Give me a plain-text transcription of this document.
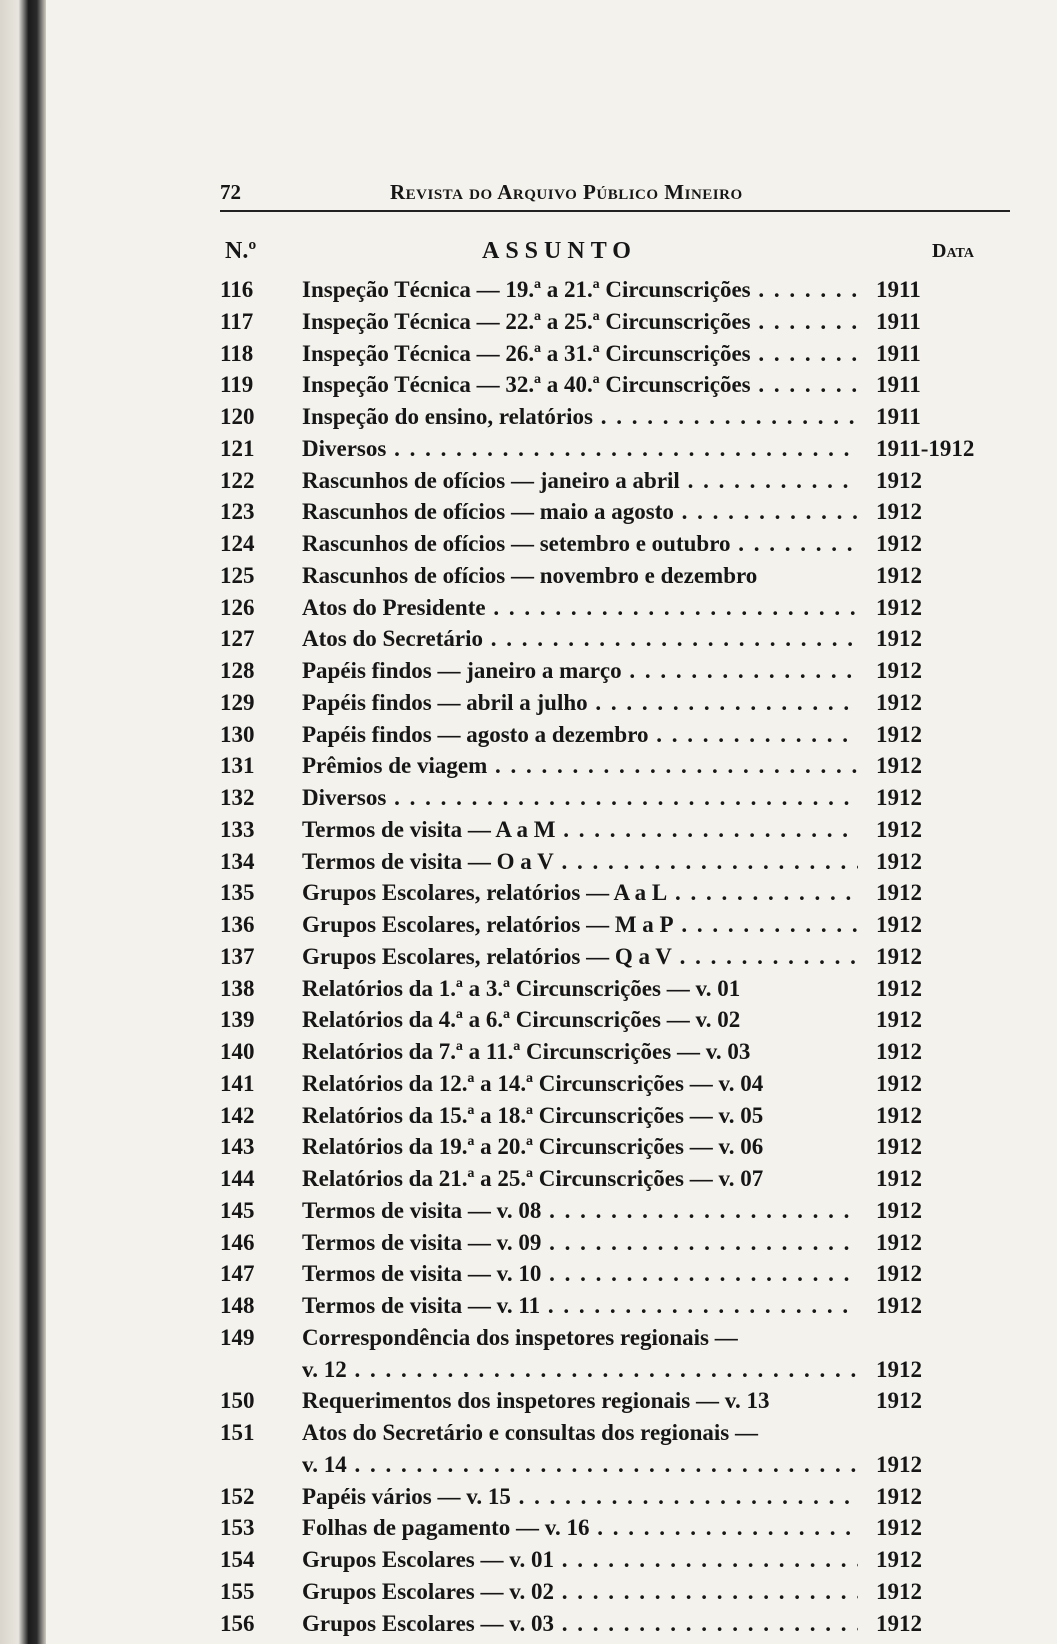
72	Revista do Arquivo Público Mineiro
N.º	ASSUNTO	Data
116	Inspeção Técnica — 19.ª a 21.ª Circunscrições . . .	1911
117	Inspeção Técnica — 22.ª a 25.ª Circunscrições . . .	1911
118	Inspeção Técnica — 26.ª a 31.ª Circunscrições . . .	1911
119	Inspeção Técnica — 32.ª a 40.ª Circunscrições . . .	1911
120	Inspeção do ensino, relatórios . . .	1911
121	Diversos . . .	1911-1912
122	Rascunhos de ofícios — janeiro a abril . . .	1912
123	Rascunhos de ofícios — maio a agosto . . .	1912
124	Rascunhos de ofícios — setembro e outubro . . .	1912
125	Rascunhos de ofícios — novembro e dezembro	1912
126	Atos do Presidente . . .	1912
127	Atos do Secretário . . .	1912
128	Papéis findos — janeiro a março . . .	1912
129	Papéis findos — abril a julho . . .	1912
130	Papéis findos — agosto a dezembro . . .	1912
131	Prêmios de viagem . . .	1912
132	Diversos . . .	1912
133	Termos de visita — A a M . . .	1912
134	Termos de visita — O a V . . .	1912
135	Grupos Escolares, relatórios — A a L . . .	1912
136	Grupos Escolares, relatórios — M a P . . .	1912
137	Grupos Escolares, relatórios — Q a V . . .	1912
138	Relatórios da 1.ª a 3.ª Circunscrições — v. 01	1912
139	Relatórios da 4.ª a 6.ª Circunscrições — v. 02	1912
140	Relatórios da 7.ª a 11.ª Circunscrições — v. 03	1912
141	Relatórios da 12.ª a 14.ª Circunscrições — v. 04	1912
142	Relatórios da 15.ª a 18.ª Circunscrições — v. 05	1912
143	Relatórios da 19.ª a 20.ª Circunscrições — v. 06	1912
144	Relatórios da 21.ª a 25.ª Circunscrições — v. 07	1912
145	Termos de visita — v. 08 . . .	1912
146	Termos de visita — v. 09 . . .	1912
147	Termos de visita — v. 10 . . .	1912
148	Termos de visita — v. 11 . . .	1912
149	Correspondência dos inspetores regionais —
v. 12 . . .	1912
150	Requerimentos dos inspetores regionais — v. 13	1912
151	Atos do Secretário e consultas dos regionais —
v. 14 . . .	1912
152	Papéis vários — v. 15 . . .	1912
153	Folhas de pagamento — v. 16 . . .	1912
154	Grupos Escolares — v. 01 . . .	1912
155	Grupos Escolares — v. 02 . . .	1912
156	Grupos Escolares — v. 03 . . .	1912
